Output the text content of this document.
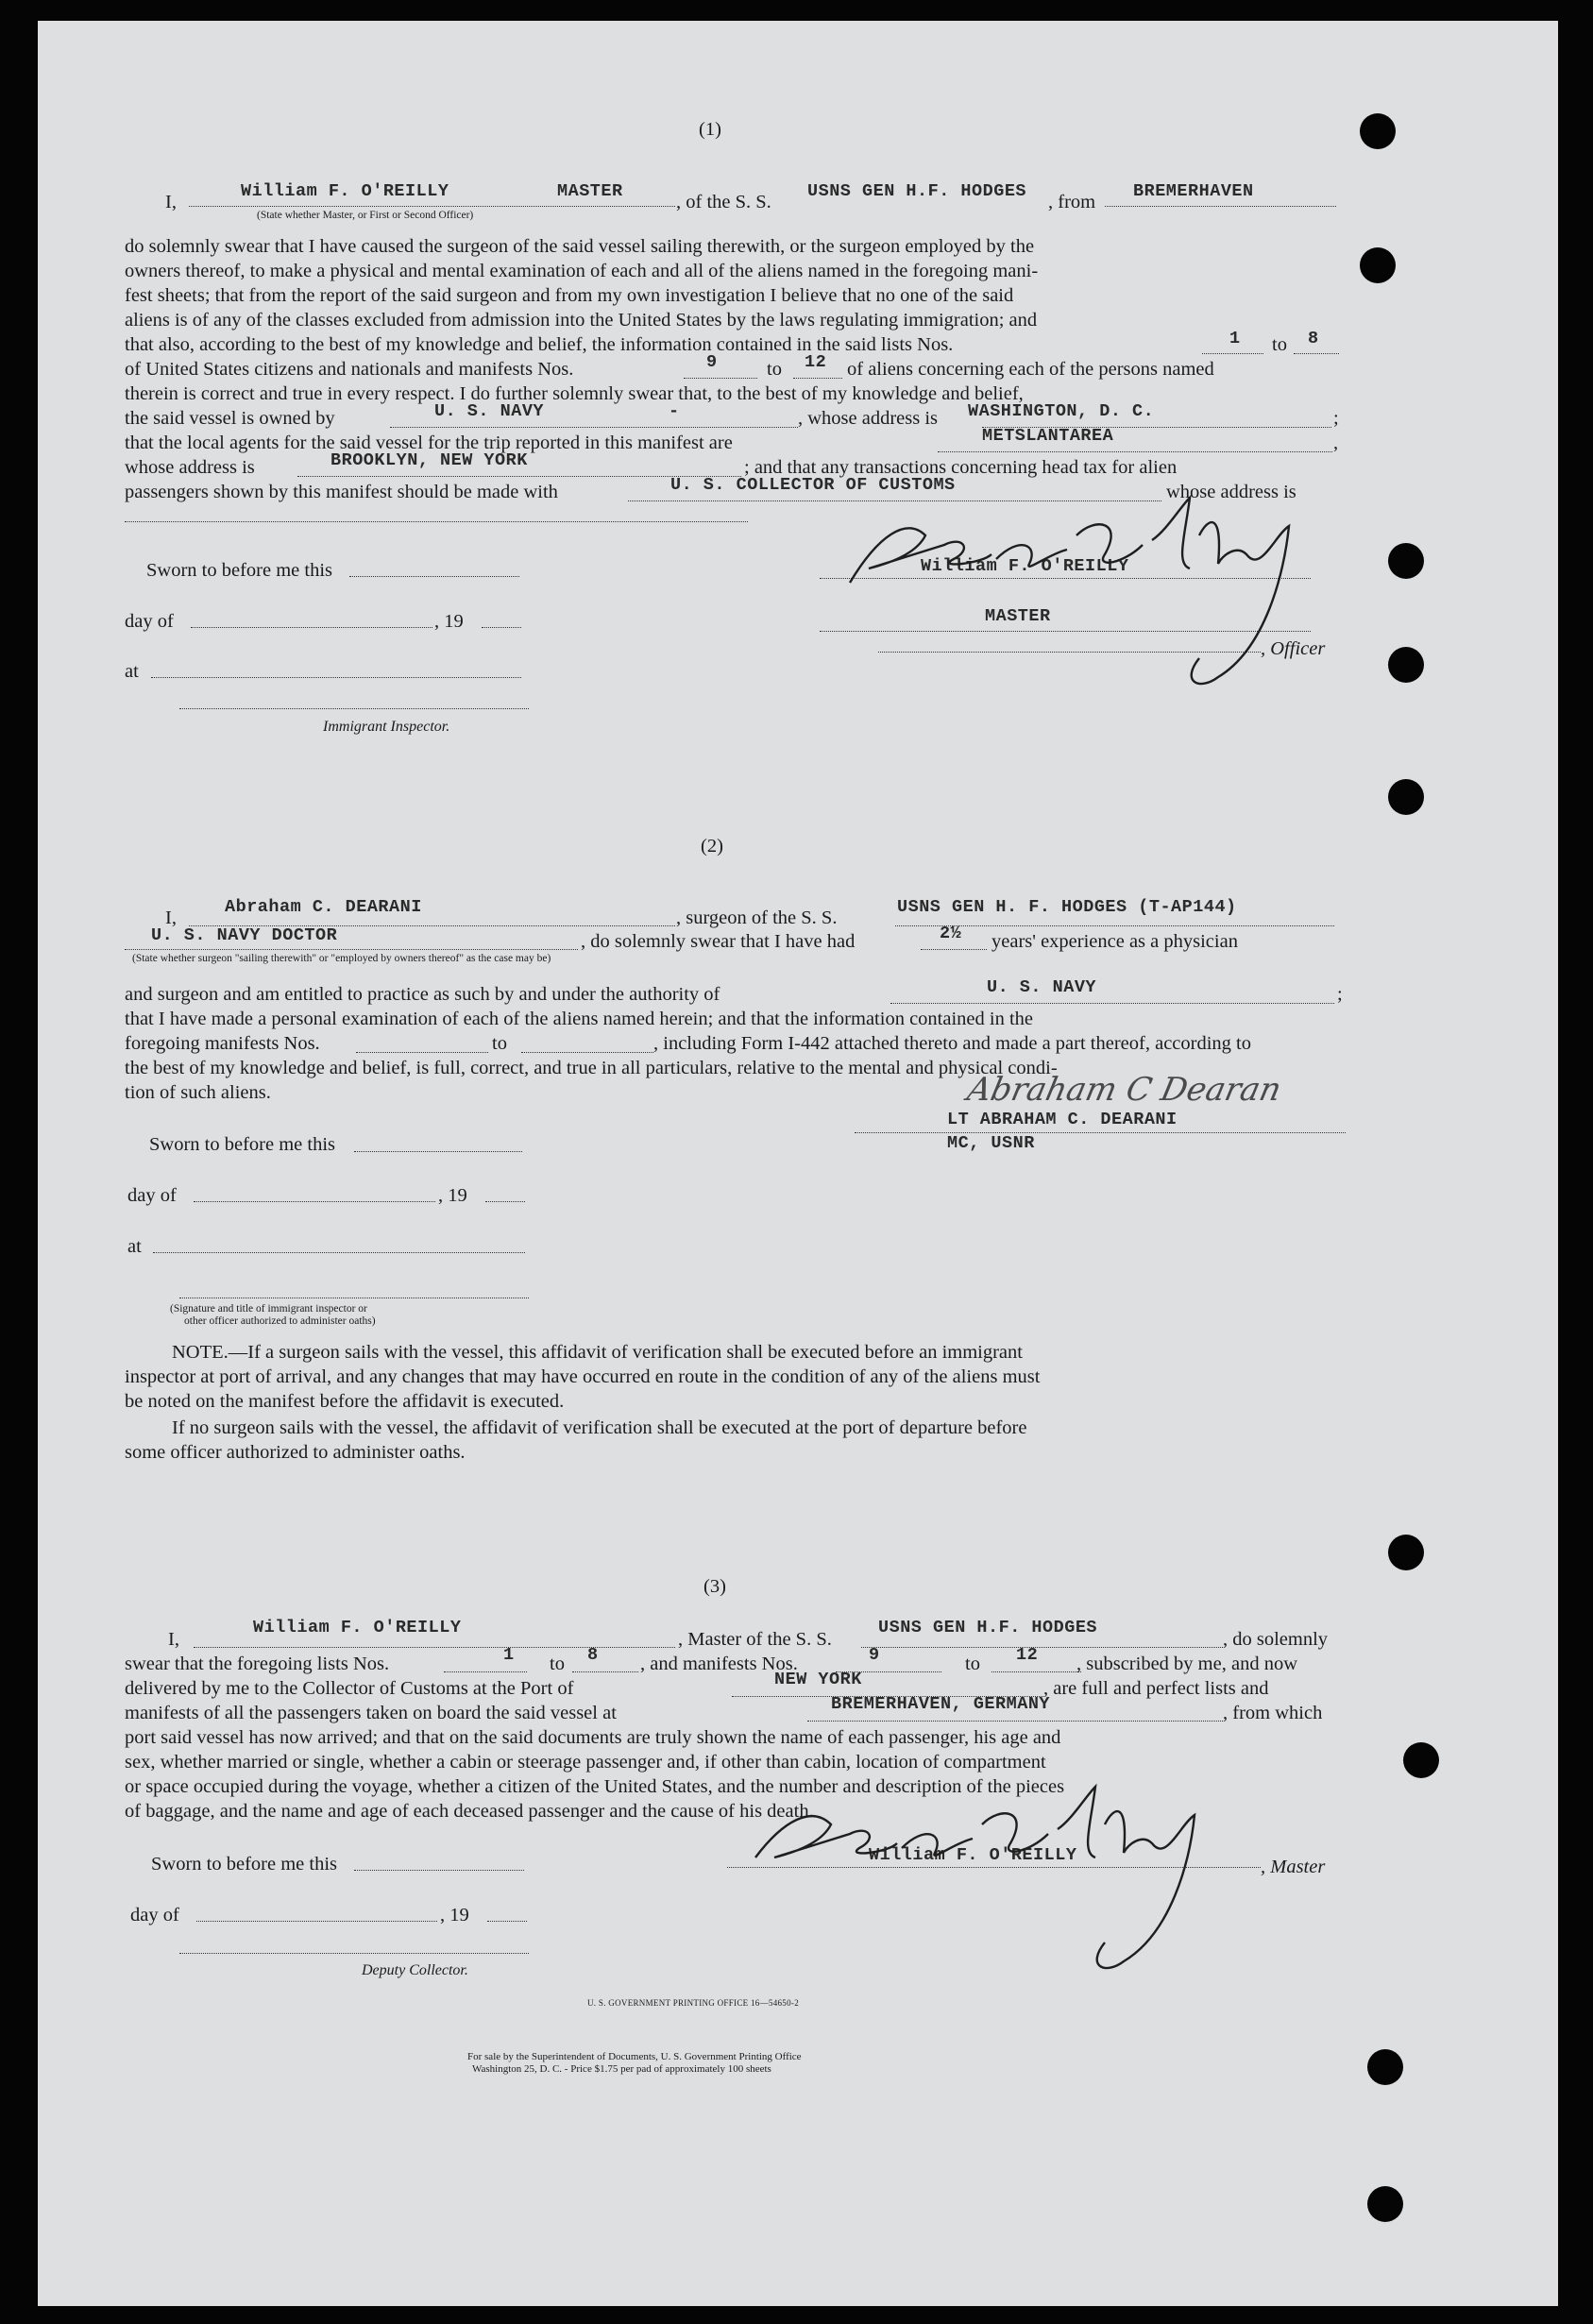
(1)
I,
William F. O'REILLY	MASTER
, of the S. S.
USNS GEN H.F. HODGES
, from
BREMERHAVEN
(State whether Master, or First or Second Officer)
do solemnly swear that I have caused the surgeon of the said vessel sailing therewith, or the surgeon employed by the
owners thereof, to make a physical and mental examination of each and all of the aliens named in the foregoing mani-
fest sheets; that from the report of the said surgeon and from my own investigation I believe that no one of the said
aliens is of any of the classes excluded from admission into the United States by the laws regulating immigration; and
that also, according to the best of my knowledge and belief, the information contained in the said lists Nos.	1 to 8
of United States citizens and nationals and manifests Nos.	9	to 12 of aliens concerning each of the persons named
therein is correct and true in every respect. I do further solemnly swear that, to the best of my knowledge and belief,
the said vessel is owned by	U. S. NAVY	-	, whose address is WASHINGTON, D. C.	;
that the local agents for the said vessel for the trip reported in this manifest are	METSLANTAREA	,
whose address is	BROOKLYN, NEW YORK	; and that any transactions concerning head tax for alien
passengers shown by this manifest should be made with	U. S. COLLECTOR OF CUSTOMS	whose address is
Sworn to before me this
day of	, 19
at
Immigrant Inspector.
William F. O'REILLY
MASTER
, Officer
(2)
I,
Abraham C. DEARANI
, surgeon of the S. S.
USNS GEN H. F. HODGES (T-AP144)
U. S. NAVY DOCTOR	, do solemnly swear that I have had	2½ years' experience as a physician
(State whether surgeon "sailing therewith" or "employed by owners thereof" as the case may be)
and surgeon and am entitled to practice as such by and under the authority of	U. S. NAVY	;
that I have made a personal examination of each of the aliens named herein; and that the information contained in the
foregoing manifests Nos.	to	, including Form I-442 attached thereto and made a part thereof, according to
the best of my knowledge and belief, is full, correct, and true in all particulars, relative to the mental and physical condi-
tion of such aliens.	Abraham C Dearan
LT ABRAHAM C. DEARANI
MC, USNR
Sworn to before me this
day of	, 19
at
(Signature and title of immigrant inspector or
other officer authorized to administer oaths)
NOTE.—If a surgeon sails with the vessel, this affidavit of verification shall be executed before an immigrant
inspector at port of arrival, and any changes that may have occurred en route in the condition of any of the aliens must
be noted on the manifest before the affidavit is executed.
If no surgeon sails with the vessel, the affidavit of verification shall be executed at the port of departure before
some officer authorized to administer oaths.
(3)
I,
William F. O'REILLY
, Master of the S. S.
USNS GEN H.F. HODGES
, do solemnly
swear that the foregoing lists Nos.	1 to 8 , and manifests Nos.	9	to 12 , subscribed by me, and now
delivered by me to the Collector of Customs at the Port of	NEW YORK	, are full and perfect lists and
manifests of all the passengers taken on board the said vessel at	BREMERHAVEN, GERMANY	, from which
port said vessel has now arrived; and that on the said documents are truly shown the name of each passenger, his age and
sex, whether married or single, whether a cabin or steerage passenger and, if other than cabin, location of compartment
or space occupied during the voyage, whether a citizen of the United States, and the number and description of the pieces
of baggage, and the name and age of each deceased passenger and the cause of his death.
Sworn to before me this
day of	, 19
Deputy Collector.
William F. O'REILLY
, Master
U. S. GOVERNMENT PRINTING OFFICE 16—54650-2
For sale by the Superintendent of Documents, U. S. Government Printing Office
Washington 25, D. C. - Price $1.75 per pad of approximately 100 sheets
